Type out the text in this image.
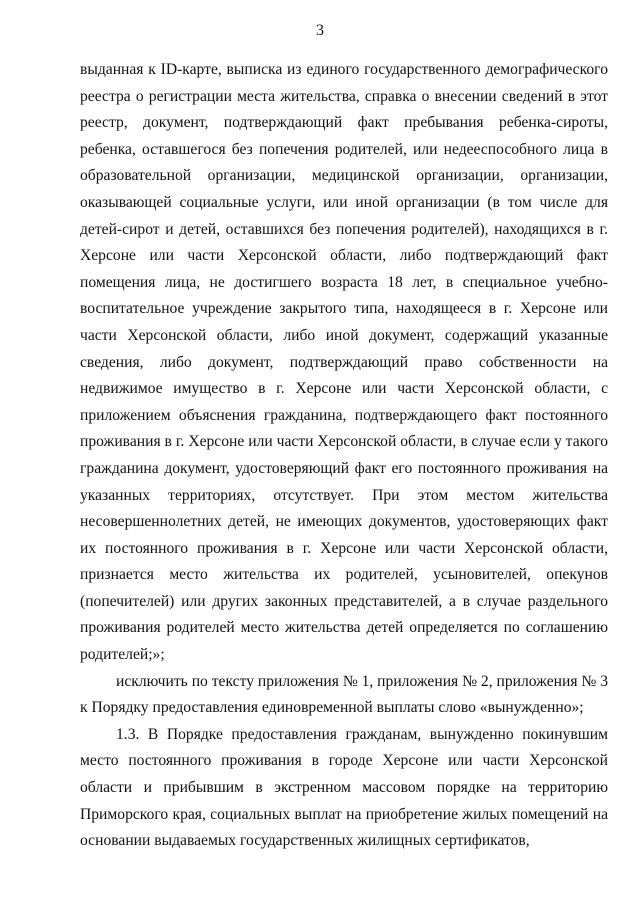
3

выданная к ID-карте, выписка из единого государственного демографического реестра о регистрации места жительства, справка о внесении сведений в этот реестр, документ, подтверждающий факт пребывания ребенка-сироты, ребенка, оставшегося без попечения родителей, или недееспособного лица в образовательной организации, медицинской организации, организации, оказывающей социальные услуги, или иной организации (в том числе для детей-сирот и детей, оставшихся без попечения родителей), находящихся в г. Херсоне или части Херсонской области, либо подтверждающий факт помещения лица, не достигшего возраста 18 лет, в специальное учебно-воспитательное учреждение закрытого типа, находящееся в г. Херсоне или части Херсонской области, либо иной документ, содержащий указанные сведения, либо документ, подтверждающий право собственности на недвижимое имущество в г. Херсоне или части Херсонской области, с приложением объяснения гражданина, подтверждающего факт постоянного проживания в г. Херсоне или части Херсонской области, в случае если у такого гражданина документ, удостоверяющий факт его постоянного проживания на указанных территориях, отсутствует. При этом местом жительства несовершеннолетних детей, не имеющих документов, удостоверяющих факт их постоянного проживания в г. Херсоне или части Херсонской области, признается место жительства их родителей, усыновителей, опекунов (попечителей) или других законных представителей, а в случае раздельного проживания родителей место жительства детей определяется по соглашению родителей;»;

исключить по тексту приложения № 1, приложения № 2, приложения № 3 к Порядку предоставления единовременной выплаты слово «вынужденно»;

1.3. В Порядке предоставления гражданам, вынужденно покинувшим место постоянного проживания в городе Херсоне или части Херсонской области и прибывшим в экстренном массовом порядке на территорию Приморского края, социальных выплат на приобретение жилых помещений на основании выдаваемых государственных жилищных сертификатов,
